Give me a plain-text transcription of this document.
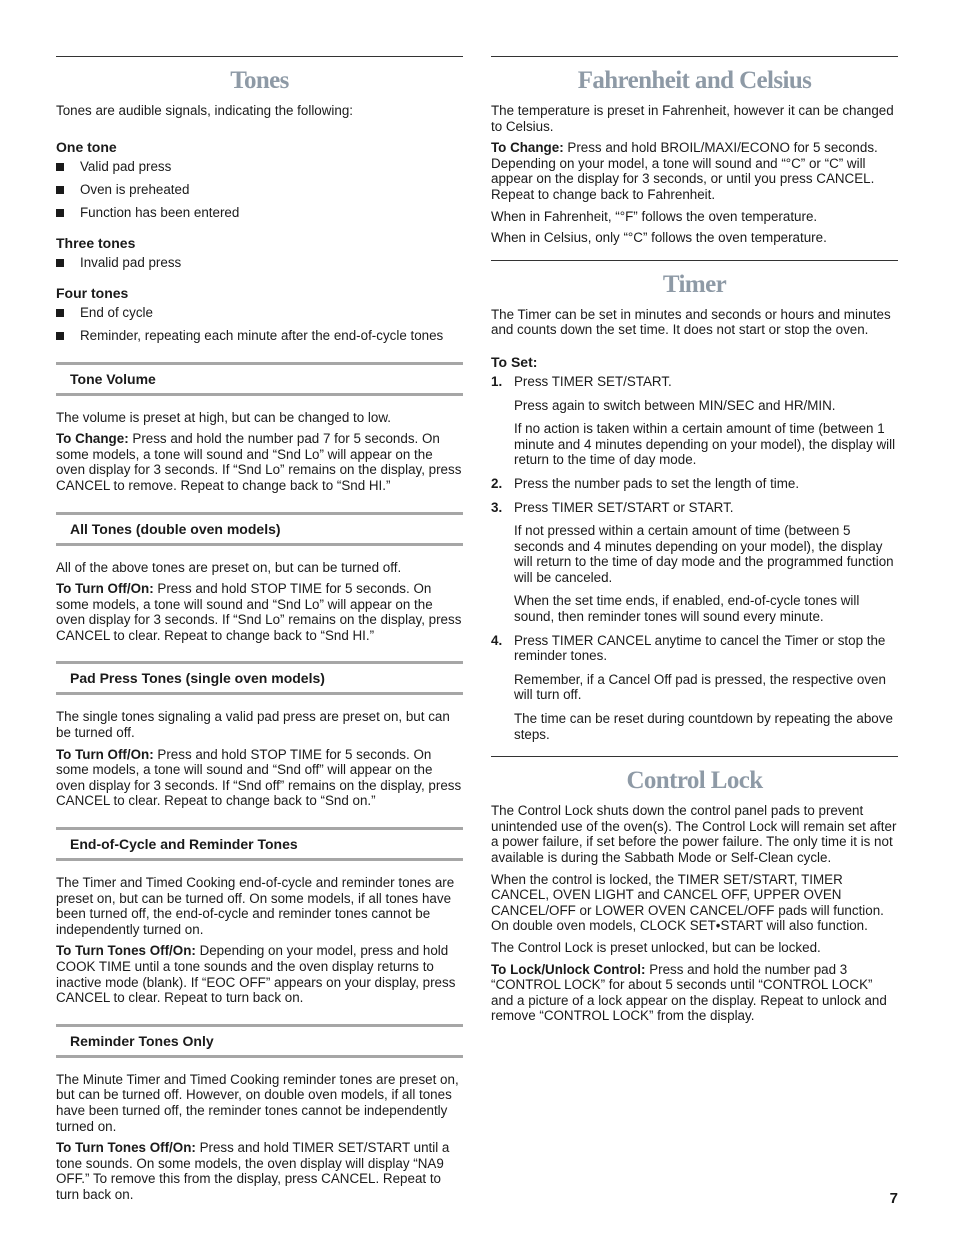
Tones

Tones are audible signals, indicating the following:

One tone
Valid pad press
Oven is preheated
Function has been entered
Three tones
Invalid pad press
Four tones
End of cycle
Reminder, repeating each minute after the end-of-cycle tones
Tone Volume

The volume is preset at high, but can be changed to low.

To Change: Press and hold the number pad 7 for 5 seconds. On some models, a tone will sound and “Snd Lo” will appear on the oven display for 3 seconds. If “Snd Lo” remains on the display, press CANCEL to remove. Repeat to change back to “Snd HI.”

All Tones (double oven models)

All of the above tones are preset on, but can be turned off.

To Turn Off/On: Press and hold STOP TIME for 5 seconds. On some models, a tone will sound and “Snd Lo” will appear on the oven display for 3 seconds. If “Snd Lo” remains on the display, press CANCEL to clear. Repeat to change back to “Snd HI.”

Pad Press Tones (single oven models)

The single tones signaling a valid pad press are preset on, but can be turned off.

To Turn Off/On: Press and hold STOP TIME for 5 seconds. On some models, a tone will sound and “Snd off” will appear on the oven display for 3 seconds. If “Snd off” remains on the display, press CANCEL to clear. Repeat to change back to “Snd on.”

End-of-Cycle and Reminder Tones

The Timer and Timed Cooking end-of-cycle and reminder tones are preset on, but can be turned off. On some models, if all tones have been turned off, the end-of-cycle and reminder tones cannot be independently turned on.

To Turn Tones Off/On: Depending on your model, press and hold COOK TIME until a tone sounds and the oven display returns to inactive mode (blank). If “EOC OFF” appears on your display, press CANCEL to clear. Repeat to turn back on.

Reminder Tones Only

The Minute Timer and Timed Cooking reminder tones are preset on, but can be turned off. However, on double oven models, if all tones have been turned off, the reminder tones cannot be independently turned on.

To Turn Tones Off/On: Press and hold TIMER SET/START until a tone sounds. On some models, the oven display will display “NA9 OFF.” To remove this from the display, press CANCEL. Repeat to turn back on.

Fahrenheit and Celsius

The temperature is preset in Fahrenheit, however it can be changed to Celsius.

To Change: Press and hold BROIL/MAXI/ECONO for 5 seconds. Depending on your model, a tone will sound and “°C” or “C” will appear on the display for 3 seconds, or until you press CANCEL. Repeat to change back to Fahrenheit.

When in Fahrenheit, “°F” follows the oven temperature.

When in Celsius, only “°C” follows the oven temperature.

Timer

The Timer can be set in minutes and seconds or hours and minutes and counts down the set time. It does not start or stop the oven.

To Set:
1. Press TIMER SET/START.

Press again to switch between MIN/SEC and HR/MIN.

If no action is taken within a certain amount of time (between 1 minute and 4 minutes depending on your model), the display will return to the time of day mode.

2. Press the number pads to set the length of time.

3. Press TIMER SET/START or START.

If not pressed within a certain amount of time (between 5 seconds and 4 minutes depending on your model), the display will return to the time of day mode and the programmed function will be canceled.

When the set time ends, if enabled, end-of-cycle tones will sound, then reminder tones will sound every minute.

4. Press TIMER CANCEL anytime to cancel the Timer or stop the reminder tones.

Remember, if a Cancel Off pad is pressed, the respective oven will turn off.

The time can be reset during countdown by repeating the above steps.

Control Lock

The Control Lock shuts down the control panel pads to prevent unintended use of the oven(s). The Control Lock will remain set after a power failure, if set before the power failure. The only time it is not available is during the Sabbath Mode or Self-Clean cycle.

When the control is locked, the TIMER SET/START, TIMER CANCEL, OVEN LIGHT and CANCEL OFF, UPPER OVEN CANCEL/OFF or LOWER OVEN CANCEL/OFF pads will function. On double oven models, CLOCK SET•START will also function.

The Control Lock is preset unlocked, but can be locked.

To Lock/Unlock Control: Press and hold the number pad 3 “CONTROL LOCK” for about 5 seconds until “CONTROL LOCK” and a picture of a lock appear on the display. Repeat to unlock and remove “CONTROL LOCK” from the display.

7
